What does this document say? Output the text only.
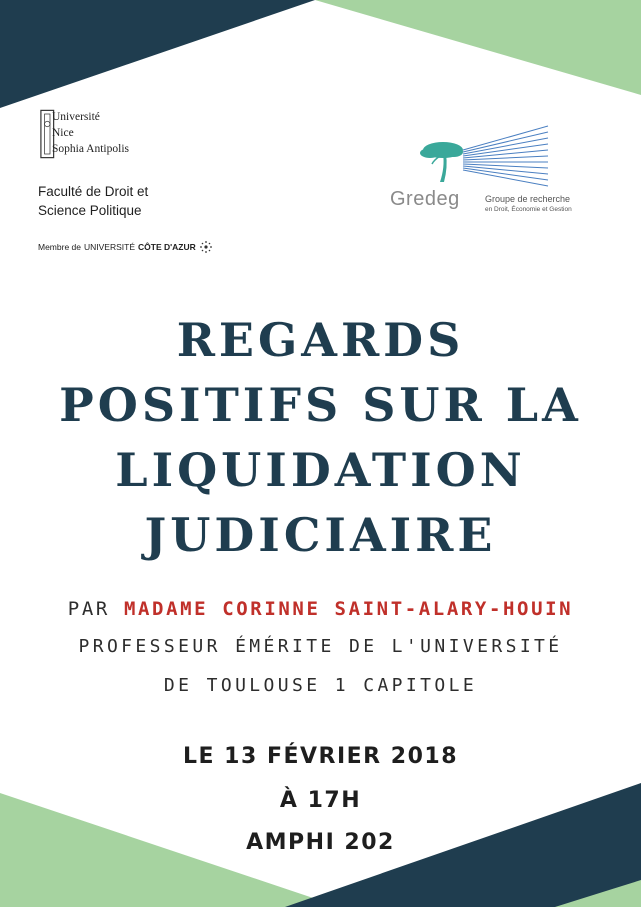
Université
Nice
Sophia Antipolis
Faculté de Droit et
Science Politique
Membre de UNIVERSITÉ CÔTE D'AZUR
Gredeg	Groupe de recherche
en Droit, Économie et Gestion
REGARDS
POSITIFS SUR LA
LIQUIDATION
JUDICIAIRE
PAR MADAME CORINNE SAINT-ALARY-HOUIN
PROFESSEUR ÉMÉRITE DE L'UNIVERSITÉ
DE TOULOUSE 1 CAPITOLE
LE 13 FÉVRIER 2018
À 17H
AMPHI 202
